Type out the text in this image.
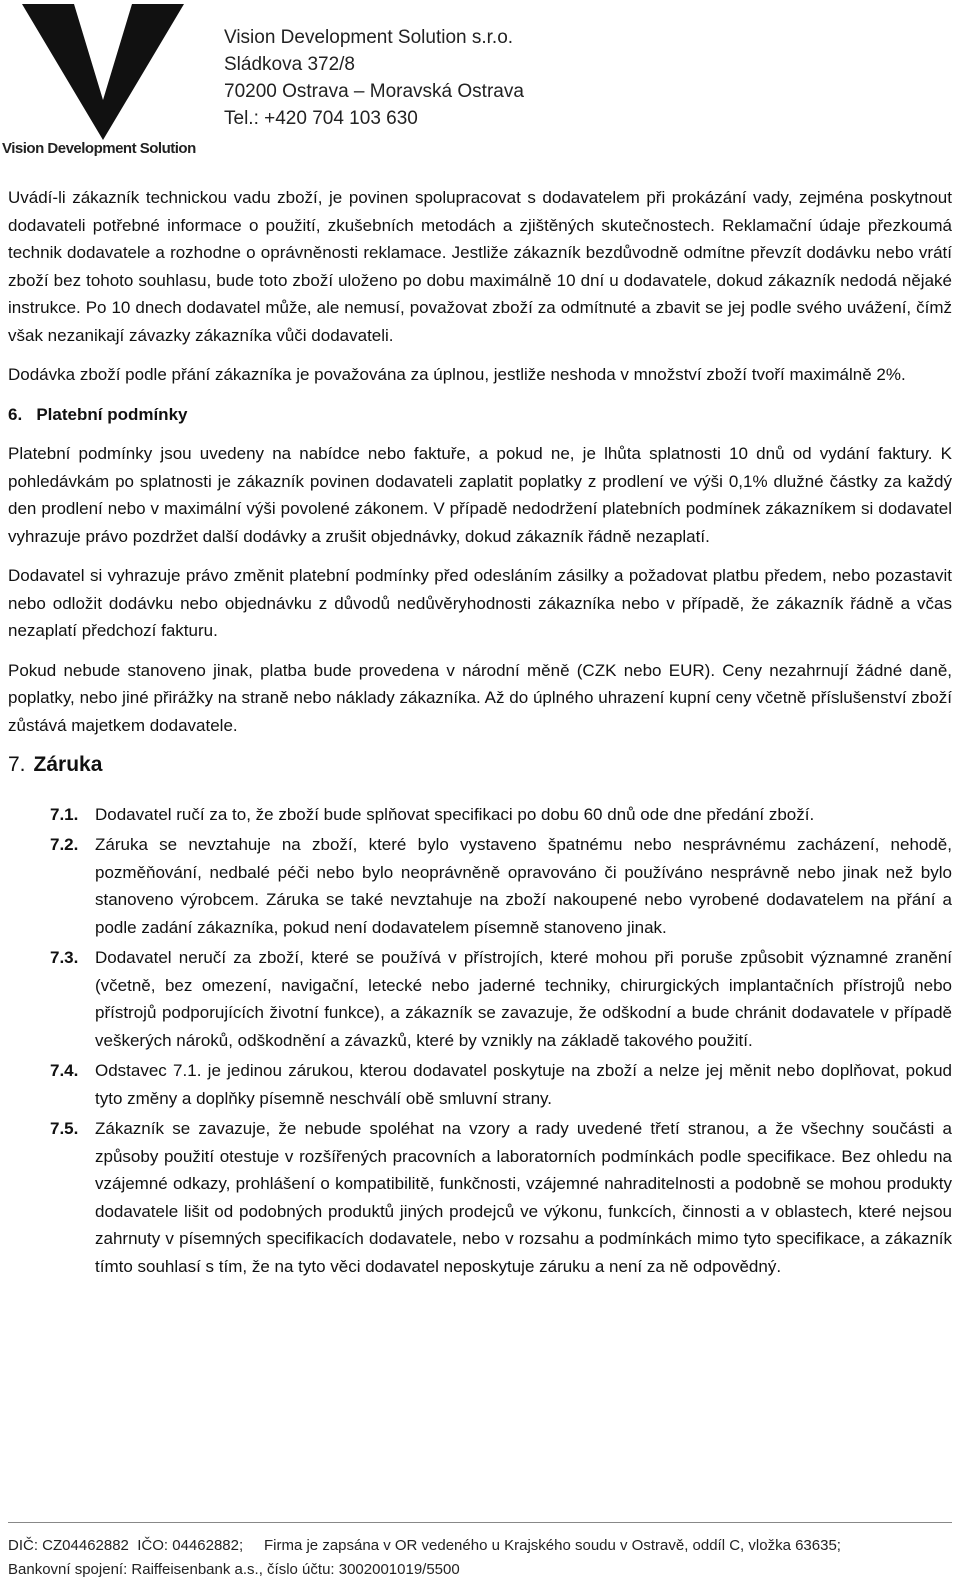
Vision Development Solution
Vision Development Solution s.r.o.
Sládkova 372/8
70200 Ostrava – Moravská Ostrava
Tel.: +420 704 103 630

Uvádí-li zákazník technickou vadu zboží, je povinen spolupracovat s dodavatelem při prokázání vady, zejména poskytnout dodavateli potřebné informace o použití, zkušebních metodách a zjištěných skutečnostech. Reklamační údaje přezkoumá technik dodavatele a rozhodne o oprávněnosti reklamace. Jestliže zákazník bezdůvodně odmítne převzít dodávku nebo vrátí zboží bez tohoto souhlasu, bude toto zboží uloženo po dobu maximálně 10 dní u dodavatele, dokud zákazník nedodá nějaké instrukce. Po 10 dnech dodavatel může, ale nemusí, považovat zboží za odmítnuté a zbavit se jej podle svého uvážení, čímž však nezanikají závazky zákazníka vůči dodavateli.

Dodávka zboží podle přání zákazníka je považována za úplnou, jestliže neshoda v množství zboží tvoří maximálně 2%.

6.   Platební podmínky

Platební podmínky jsou uvedeny na nabídce nebo faktuře, a pokud ne, je lhůta splatnosti 10 dnů od vydání faktury. K pohledávkám po splatnosti je zákazník povinen dodavateli zaplatit poplatky z prodlení ve výši 0,1% dlužné částky za každý den prodlení nebo v maximální výši povolené zákonem. V případě nedodržení platebních podmínek zákazníkem si dodavatel vyhrazuje právo pozdržet další dodávky a zrušit objednávky, dokud zákazník řádně nezaplatí.

Dodavatel si vyhrazuje právo změnit platební podmínky před odesláním zásilky a požadovat platbu předem, nebo pozastavit nebo odložit dodávku nebo objednávku z důvodů nedůvěryhodnosti zákazníka nebo v případě, že zákazník řádně a včas nezaplatí předchozí fakturu.

Pokud nebude stanoveno jinak, platba bude provedena v národní měně (CZK nebo EUR). Ceny nezahrnují žádné daně, poplatky, nebo jiné přirážky na straně nebo náklady zákazníka. Až do úplného uhrazení kupní ceny včetně příslušenství zboží zůstává majetkem dodavatele.

7. Záruka
7.1. Dodavatel ručí za to, že zboží bude splňovat specifikaci po dobu 60 dnů ode dne předání zboží.
7.2. Záruka se nevztahuje na zboží, které bylo vystaveno špatnému nebo nesprávnému zacházení, nehodě, pozměňování, nedbalé péči nebo bylo neoprávněně opravováno či používáno nesprávně nebo jinak než bylo stanoveno výrobcem. Záruka se také nevztahuje na zboží nakoupené nebo vyrobené dodavatelem na přání a podle zadání zákazníka, pokud není dodavatelem písemně stanoveno jinak.
7.3. Dodavatel neručí za zboží, které se používá v přístrojích, které mohou při poruše způsobit významné zranění (včetně, bez omezení, navigační, letecké nebo jaderné techniky, chirurgických implantačních přístrojů nebo přístrojů podporujících životní funkce), a zákazník se zavazuje, že odškodní a bude chránit dodavatele v případě veškerých nároků, odškodnění a závazků, které by vznikly na základě takového použití.
7.4. Odstavec 7.1. je jedinou zárukou, kterou dodavatel poskytuje na zboží a nelze jej měnit nebo doplňovat, pokud tyto změny a doplňky písemně neschválí obě smluvní strany.
7.5. Zákazník se zavazuje, že nebude spoléhat na vzory a rady uvedené třetí stranou, a že všechny součásti a způsoby použití otestuje v rozšířených pracovních a laboratorních podmínkách podle specifikace. Bez ohledu na vzájemné odkazy, prohlášení o kompatibilitě, funkčnosti, vzájemné nahraditelnosti a podobně se mohou produkty dodavatele lišit od podobných produktů jiných prodejců ve výkonu, funkcích, činnosti a v oblastech, které nejsou zahrnuty v písemných specifikacích dodavatele, nebo v rozsahu a podmínkách mimo tyto specifikace, a zákazník tímto souhlasí s tím, že na tyto věci dodavatel neposkytuje záruku a není za ně odpovědný.
DIČ: CZ04462882  IČO: 04462882;     Firma je zapsána v OR vedeného u Krajského soudu v Ostravě, oddíl C, vložka 63635;
Bankovní spojení: Raiffeisenbank a.s., číslo účtu: 3002001019/5500
